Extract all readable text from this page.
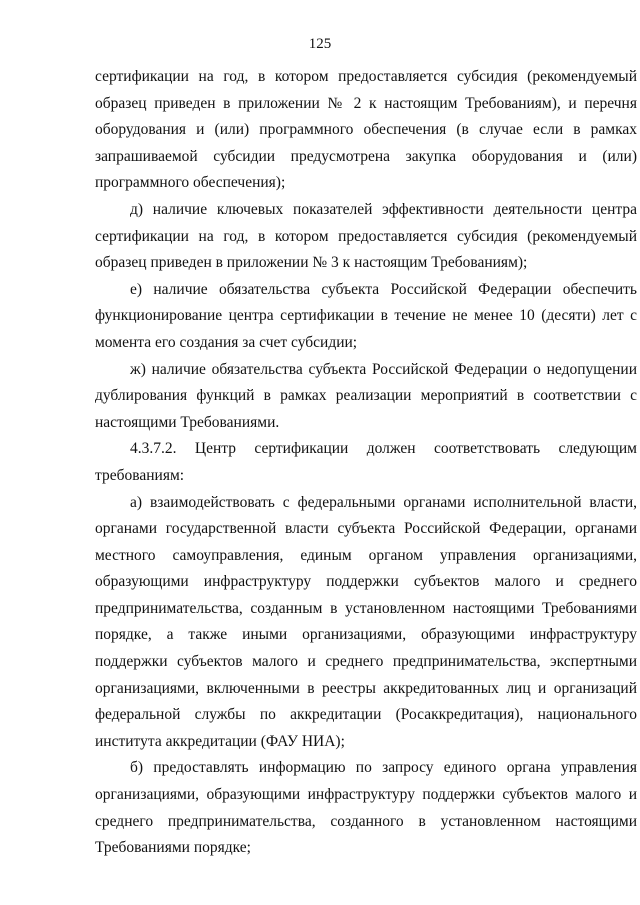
125

сертификации на год, в котором предоставляется субсидия (рекомендуемый образец приведен в приложении № 2 к настоящим Требованиям), и перечня оборудования и (или) программного обеспечения (в случае если в рамках запрашиваемой субсидии предусмотрена закупка оборудования и (или) программного обеспечения);

д) наличие ключевых показателей эффективности деятельности центра сертификации на год, в котором предоставляется субсидия (рекомендуемый образец приведен в приложении № 3 к настоящим Требованиям);

е) наличие обязательства субъекта Российской Федерации обеспечить функционирование центра сертификации в течение не менее 10 (десяти) лет с момента его создания за счет субсидии;

ж) наличие обязательства субъекта Российской Федерации о недопущении дублирования функций в рамках реализации мероприятий в соответствии с настоящими Требованиями.

4.3.7.2. Центр сертификации должен соответствовать следующим требованиям:

а) взаимодействовать с федеральными органами исполнительной власти, органами государственной власти субъекта Российской Федерации, органами местного самоуправления, единым органом управления организациями, образующими инфраструктуру поддержки субъектов малого и среднего предпринимательства, созданным в установленном настоящими Требованиями порядке, а также иными организациями, образующими инфраструктуру поддержки субъектов малого и среднего предпринимательства, экспертными организациями, включенными в реестры аккредитованных лиц и организаций федеральной службы по аккредитации (Росаккредитация), национального института аккредитации (ФАУ НИА);

б) предоставлять информацию по запросу единого органа управления организациями, образующими инфраструктуру поддержки субъектов малого и среднего предпринимательства, созданного в установленном настоящими Требованиями порядке;
